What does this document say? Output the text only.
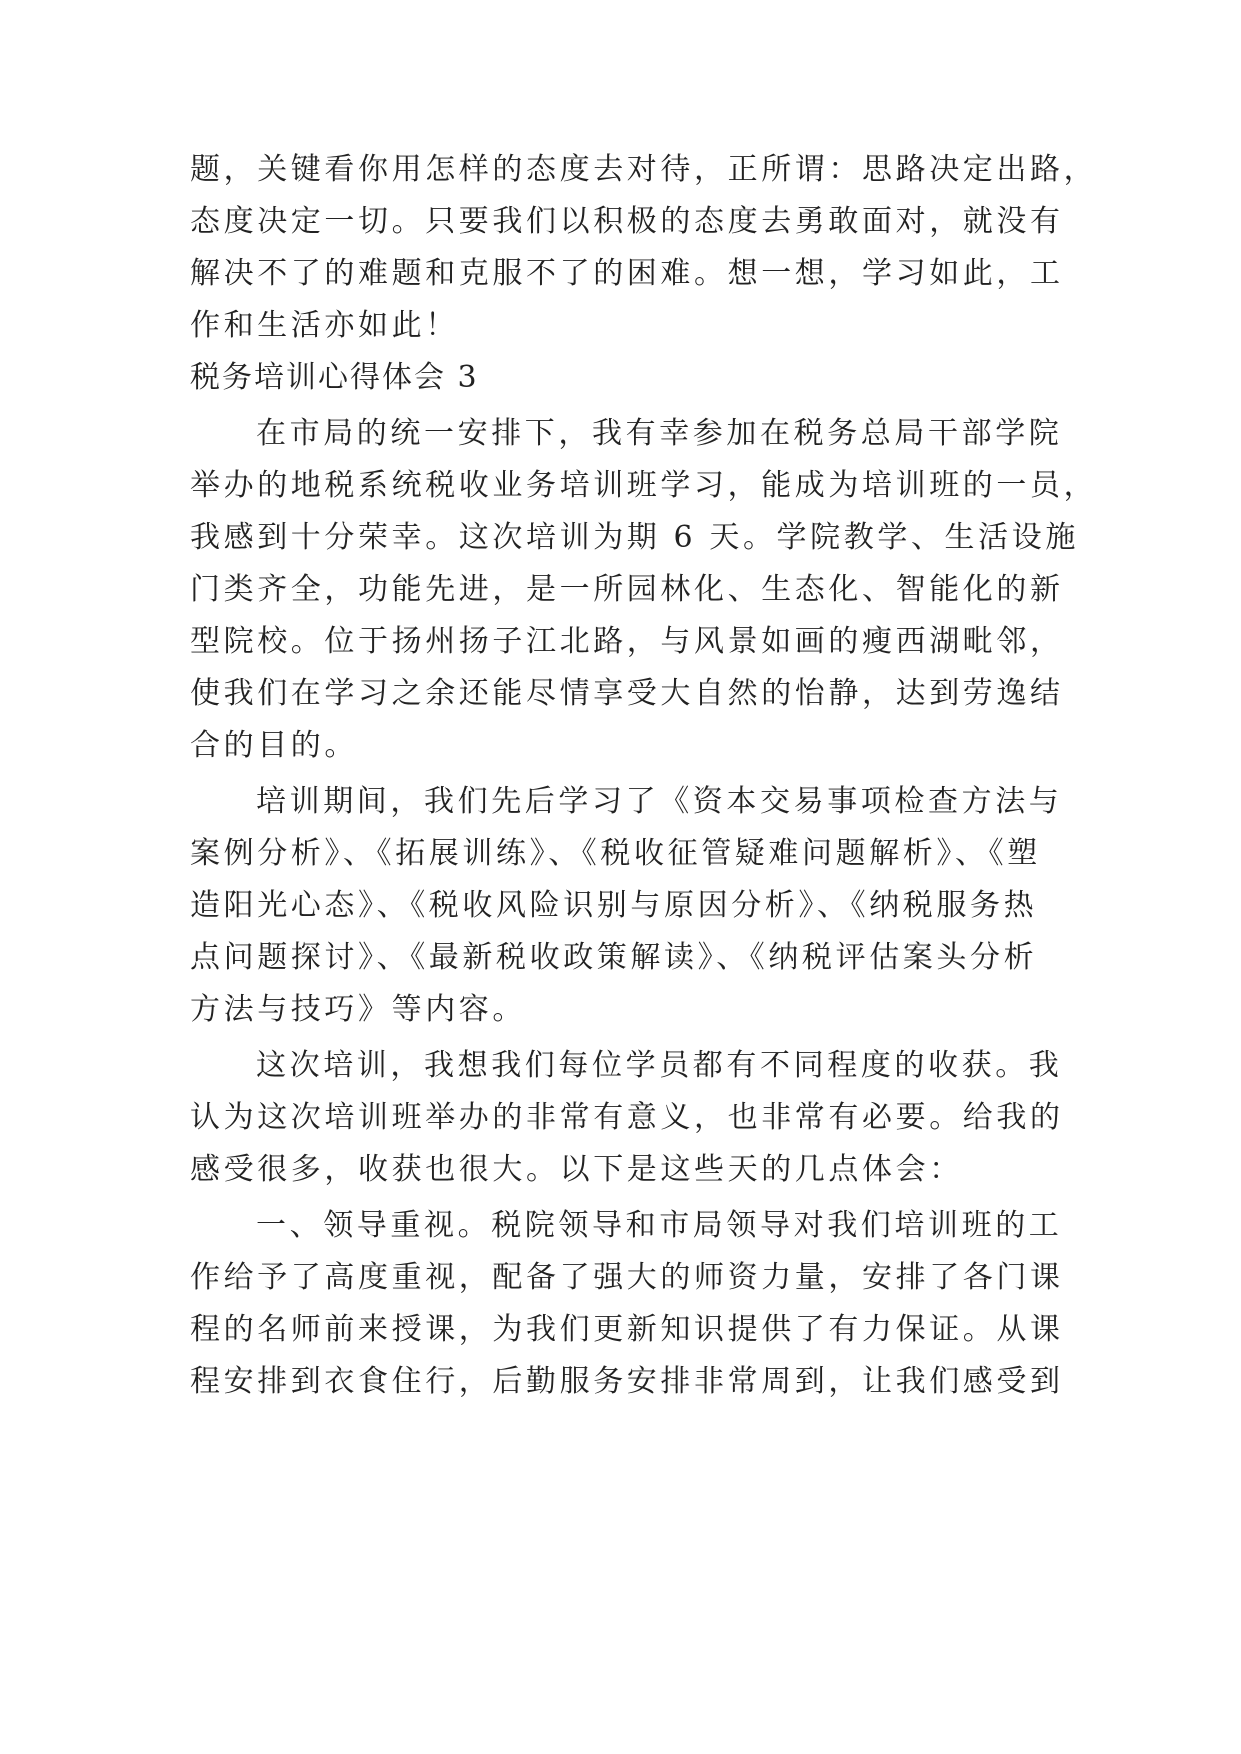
题，关键看你用怎样的态度去对待，正所谓：思路决定出路，
态度决定一切。只要我们以积极的态度去勇敢面对，就没有
解决不了的难题和克服不了的困难。想一想，学习如此，工
作和生活亦如此！
税务培训心得体会 3
在市局的统一安排下，我有幸参加在税务总局干部学院
举办的地税系统税收业务培训班学习，能成为培训班的一员，
我感到十分荣幸。这次培训为期 6 天。学院教学、生活设施
门类齐全，功能先进，是一所园林化、生态化、智能化的新
型院校。位于扬州扬子江北路，与风景如画的瘦西湖毗邻，
使我们在学习之余还能尽情享受大自然的怡静，达到劳逸结
合的目的。
培训期间，我们先后学习了《资本交易事项检查方法与
案例分析》、《拓展训练》、《税收征管疑难问题解析》、《塑
造阳光心态》、《税收风险识别与原因分析》、《纳税服务热
点问题探讨》、《最新税收政策解读》、《纳税评估案头分析
方法与技巧》等内容。
这次培训，我想我们每位学员都有不同程度的收获。我
认为这次培训班举办的非常有意义，也非常有必要。给我的
感受很多，收获也很大。以下是这些天的几点体会：
一、领导重视。税院领导和市局领导对我们培训班的工
作给予了高度重视，配备了强大的师资力量，安排了各门课
程的名师前来授课，为我们更新知识提供了有力保证。从课
程安排到衣食住行，后勤服务安排非常周到，让我们感受到
